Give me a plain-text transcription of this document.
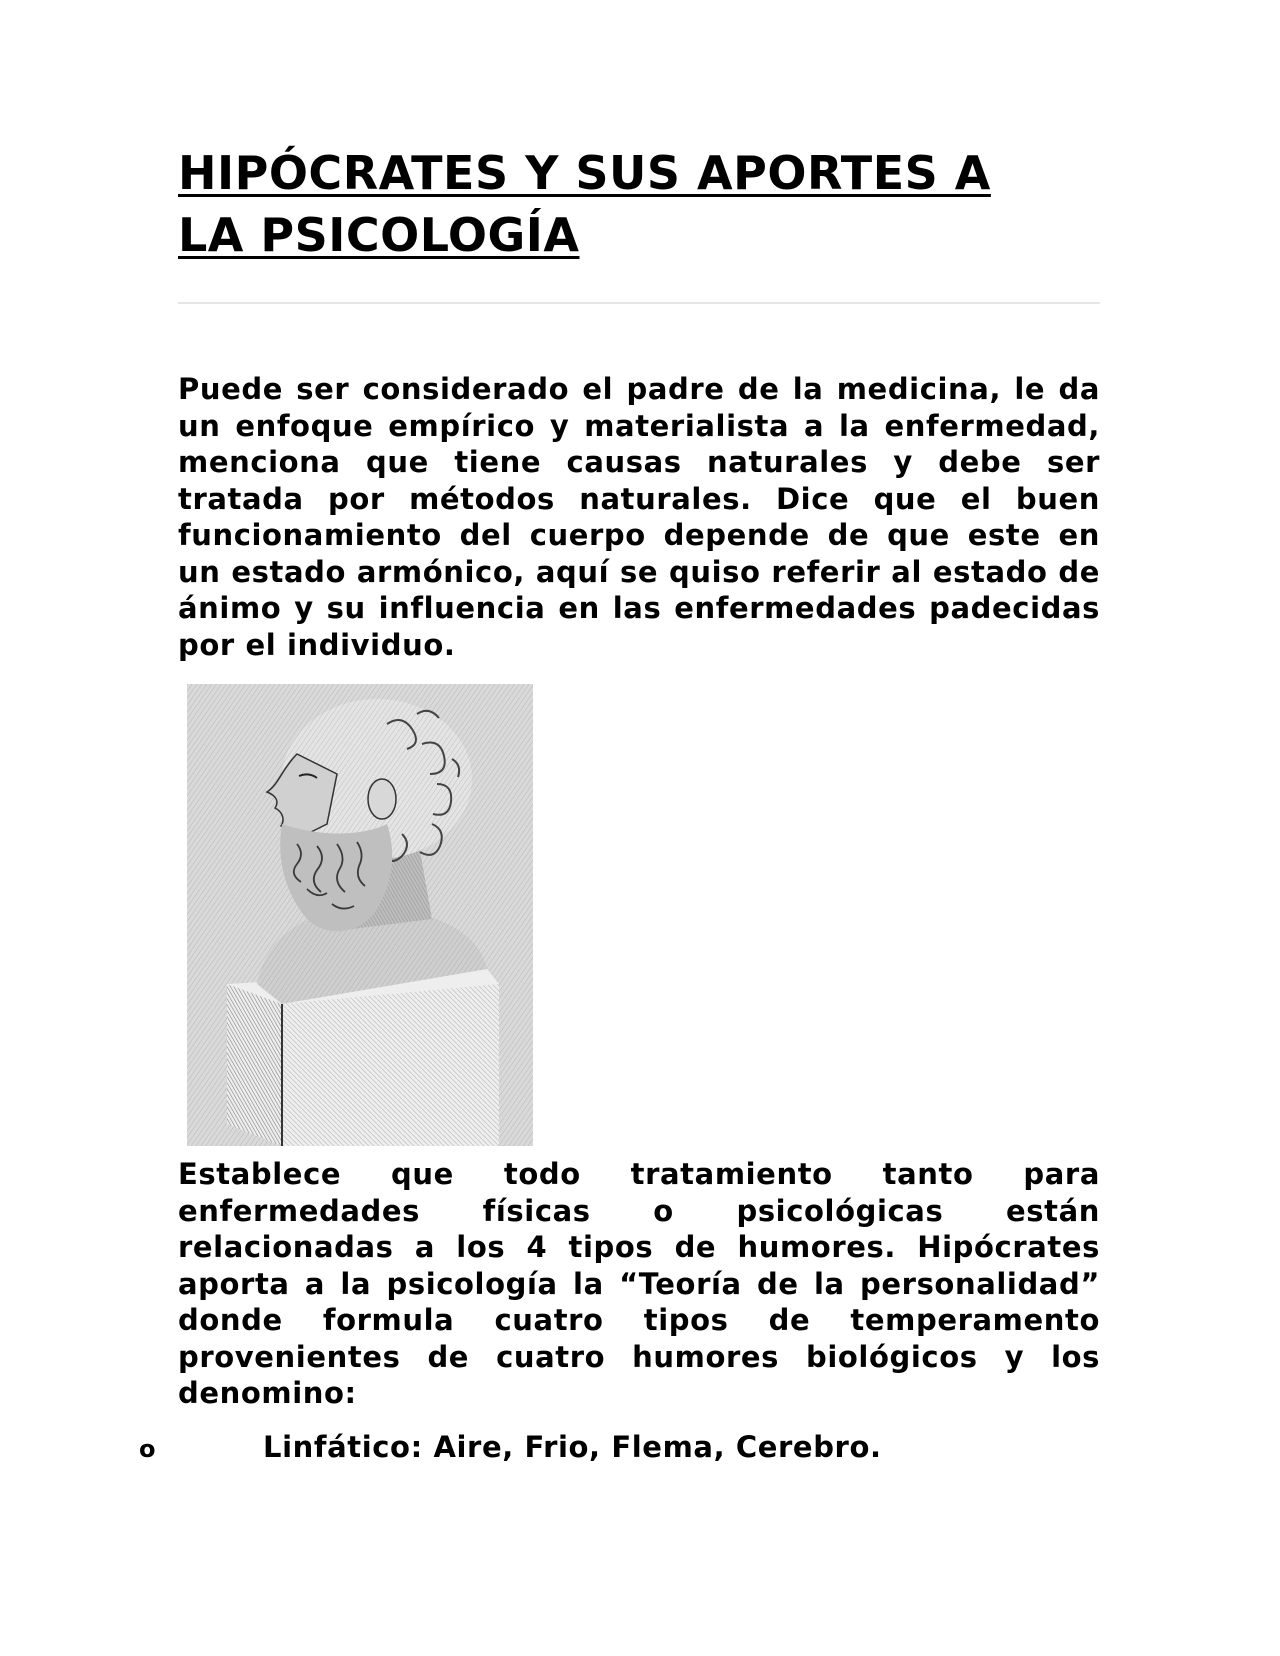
HIPÓCRATES Y SUS APORTES A
LA PSICOLOGÍA

Puede ser considerado el padre de la medicina, le da un enfoque empírico y materialista a la enfermedad, menciona que tiene causas naturales y debe ser tratada por métodos naturales. Dice que el buen funcionamiento del cuerpo depende de que este en un estado armónico, aquí se quiso referir al estado de ánimo y su influencia en las enfermedades padecidas por el individuo.

Establece que todo tratamiento tanto para enfermedades físicas o psicológicas están relacionadas a los 4 tipos de humores. Hipócrates aporta a la psicología la “Teoría de la personalidad” donde formula cuatro tipos de temperamento provenientes de cuatro humores biológicos y los denomino:

o	Linfático: Aire, Frio, Flema, Cerebro.
